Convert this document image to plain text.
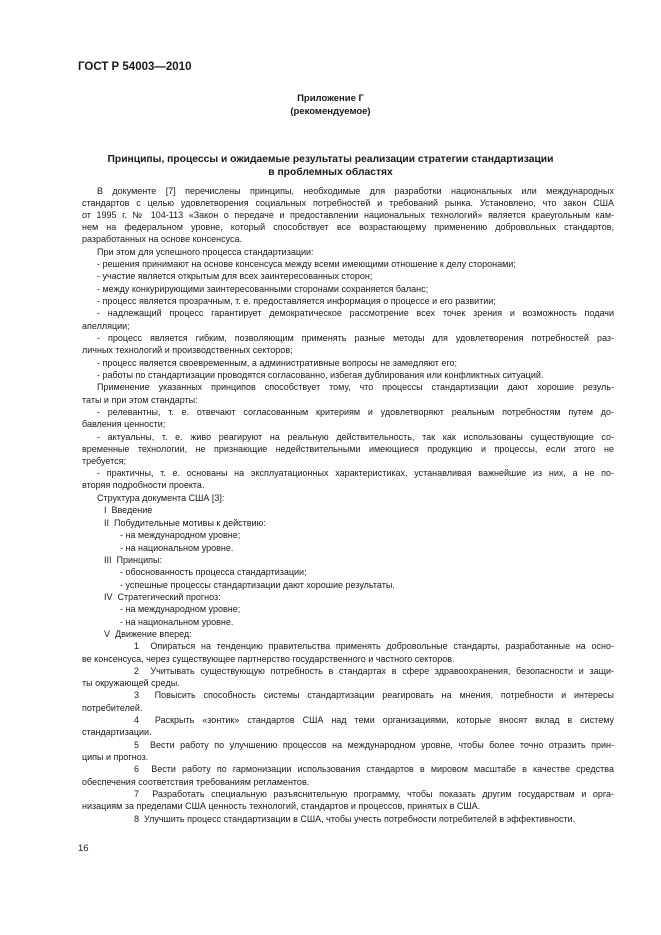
ГОСТ Р 54003—2010
Приложение Г
(рекомендуемое)
Принципы, процессы и ожидаемые результаты реализации стратегии стандартизации
в проблемных областях
В документе [7] перечислены принципы, необходимые для разработки национальных или международных
стандартов с целью удовлетворения социальных потребностей и требований рынка. Установлено, что закон США
от 1995 г. № 104-113 «Закон о передаче и предоставлении национальных технологий» является краеугольным кам-
нем на федеральном уровне, который способствует все возрастающему применению добровольных стандартов,
разработанных на основе консенсуса.
При этом для успешного процесса стандартизации:
- решения принимают на основе консенсуса между всеми имеющими отношение к делу сторонами;
- участие является открытым для всех заинтересованных сторон;
- между конкурирующими заинтересованными сторонами сохраняется баланс;
- процесс является прозрачным, т. е. предоставляется информация о процессе и его развитии;
- надлежащий процесс гарантирует демократическое рассмотрение всех точек зрения и возможность подачи
апелляции;
- процесс является гибким, позволяющим применять разные методы для удовлетворения потребностей раз-
личных технологий и производственных секторов;
- процесс является своевременным, а административные вопросы не замедляют его;
- работы по стандартизации проводятся согласованно, избегая дублирования или конфликтных ситуаций.
Применение указанных принципов способствует тому, что процессы стандартизации дают хорошие резуль-
таты и при этом стандарты:
- релевантны, т. е. отвечают согласованным критериям и удовлетворяют реальным потребностям путем до-
бавления ценности;
- актуальны, т. е. живо реагируют на реальную действительность, так как использованы существующие со-
временные технологии, не признающие недействительными имеющиеся продукцию и процессы, если этого не
требуется;
- практичны, т. е. основаны на эксплуатационных характеристиках, устанавливая важнейшие из них, а не по-
вторяя подробности проекта.
Структура документа США [3]:
I  Введение
II  Побудительные мотивы к действию:
- на международном уровне;
- на национальном уровне.
III  Принципы:
- обоснованность процесса стандартизации;
- успешные процессы стандартизации дают хорошие результаты.
IV  Стратегический прогноз:
- на международном уровне;
- на национальном уровне.
V  Движение вперед:
1  Опираться на тенденцию правительства применять добровольные стандарты, разработанные на осно-
ве консенсуса, через существующее партнерство государственного и частного секторов.
2  Учитывать существующую потребность в стандартах в сфере здравоохранения, безопасности и защи-
ты окружающей среды.
3  Повысить способность системы стандартизации реагировать на мнения, потребности и интересы
потребителей.
4  Раскрыть «зонтик» стандартов США над теми организациями, которые вносят вклад в систему
стандартизации.
5  Вести работу по улучшению процессов на международном уровне, чтобы более точно отразить прин-
ципы и прогноз.
6  Вести работу по гармонизации использования стандартов в мировом масштабе в качестве средства
обеспечения соответствия требованиям регламентов.
7  Разработать специальную разъяснительную программу, чтобы показать другим государствам и орга-
низациям за пределами США ценность технологий, стандартов и процессов, принятых в США.
8  Улучшить процесс стандартизации в США, чтобы учесть потребности потребителей в эффективности.
16
